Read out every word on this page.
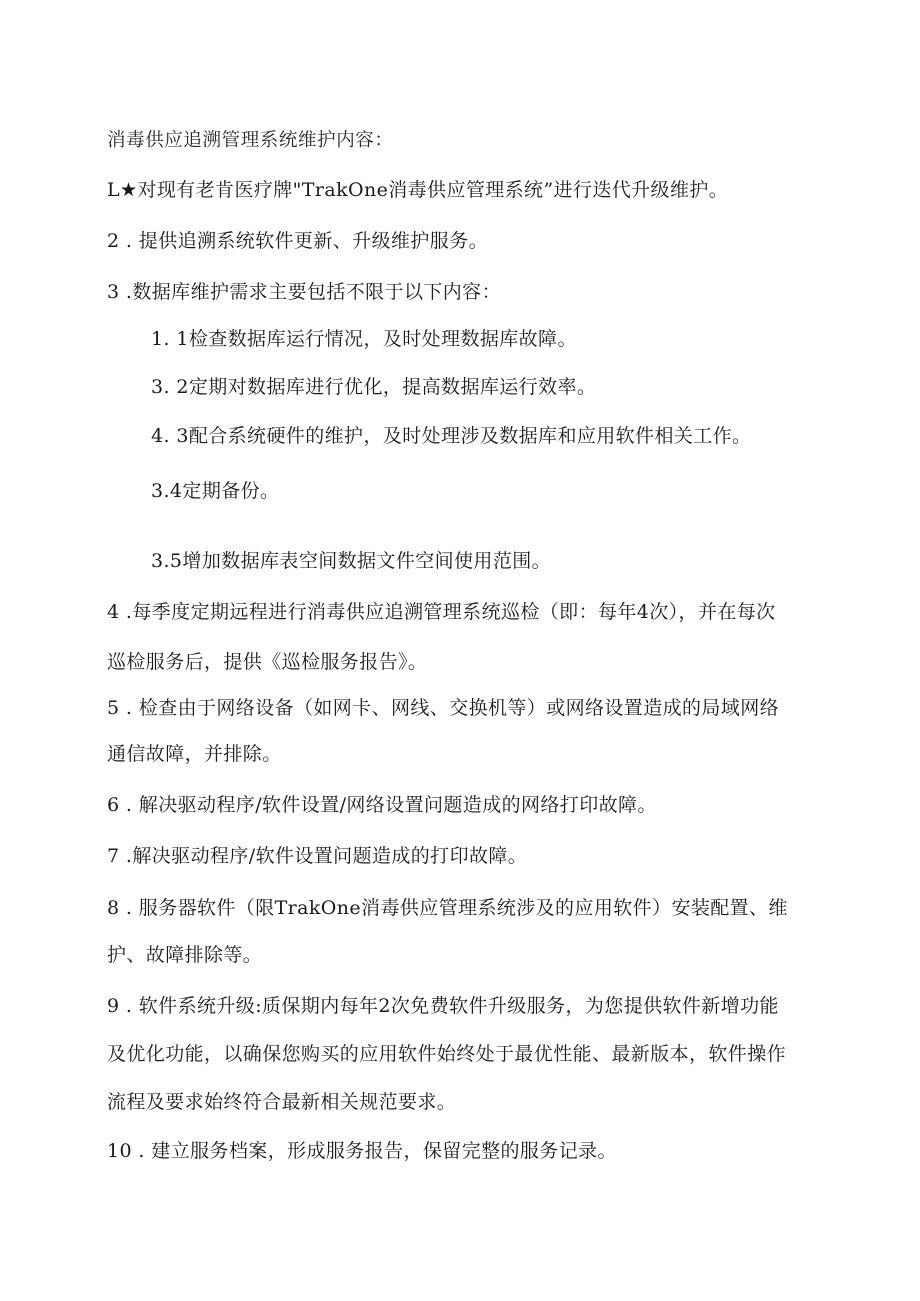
消毒供应追溯管理系统维护内容：
L★对现有老肯医疗牌"TrakOne消毒供应管理系统”进行迭代升级维护。
2 . 提供追溯系统软件更新、升级维护服务。
3 .数据库维护需求主要包括不限于以下内容：
1. 1检查数据库运行情况，及时处理数据库故障。
3. 2定期对数据库进行优化，提高数据库运行效率。
4. 3配合系统硬件的维护，及时处理涉及数据库和应用软件相关工作。
3.4定期备份。
3.5增加数据库表空间数据文件空间使用范围。
4 .每季度定期远程进行消毒供应追溯管理系统巡检（即：每年4次），并在每次
巡检服务后，提供《巡检服务报告》。
5 . 检查由于网络设备（如网卡、网线、交换机等）或网络设置造成的局域网络
通信故障，并排除。
6 . 解决驱动程序/软件设置/网络设置问题造成的网络打印故障。
7 .解决驱动程序/软件设置问题造成的打印故障。
8 . 服务器软件（限TrakOne消毒供应管理系统涉及的应用软件）安装配置、维
护、故障排除等。
9 . 软件系统升级:质保期内每年2次免费软件升级服务，为您提供软件新增功能
及优化功能，以确保您购买的应用软件始终处于最优性能、最新版本，软件操作
流程及要求始终符合最新相关规范要求。
10 . 建立服务档案，形成服务报告，保留完整的服务记录。
